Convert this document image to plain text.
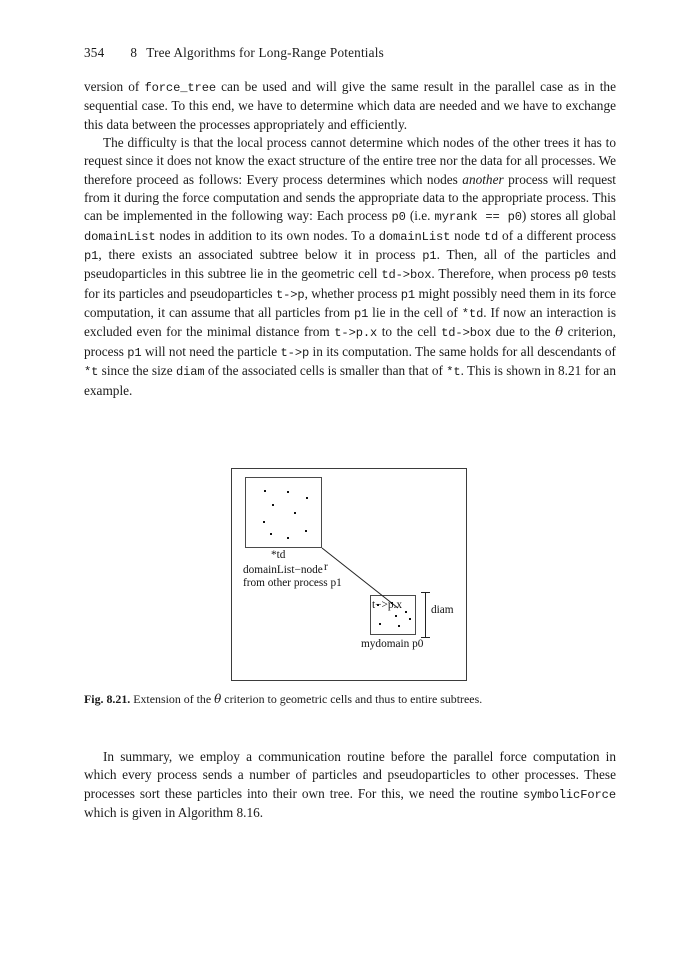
354 8 Tree Algorithms for Long-Range Potentials

version of force_tree can be used and will give the same result in the parallel case as in the sequential case. To this end, we have to determine which data are needed and we have to exchange this data between the processes appropriately and efficiently.

The difficulty is that the local process cannot determine which nodes of the other trees it has to request since it does not know the exact structure of the entire tree nor the data for all processes. We therefore proceed as follows: Every process determines which nodes another process will request from it during the force computation and sends the appropriate data to the appropriate process. This can be implemented in the following way: Each process p0 (i.e. myrank == p0) stores all global domainList nodes in addition to its own nodes. To a domainList node td of a different process p1, there exists an associated subtree below it in process p1. Then, all of the particles and pseudoparticles in this subtree lie in the geometric cell td->box. Therefore, when process p0 tests for its particles and pseudoparticles t->p, whether process p1 might possibly need them in its force computation, it can assume that all particles from p1 lie in the cell of *td. If now an interaction is excluded even for the minimal distance from t->p.x to the cell td->box due to the θ criterion, process p1 will not need the particle t->p in its computation. The same holds for all descendants of *t since the size diam of the associated cells is smaller than that of *t. This is shown in 8.21 for an example.

*td
domainList−node
from other process p1
r
t−>p.x	diam
mydomain p0
Fig. 8.21. Extension of the θ criterion to geometric cells and thus to entire subtrees.

In summary, we employ a communication routine before the parallel force computation in which every process sends a number of particles and pseudoparticles to other processes. These processes sort these particles into their own tree. For this, we need the routine symbolicForce which is given in Algorithm 8.16.
